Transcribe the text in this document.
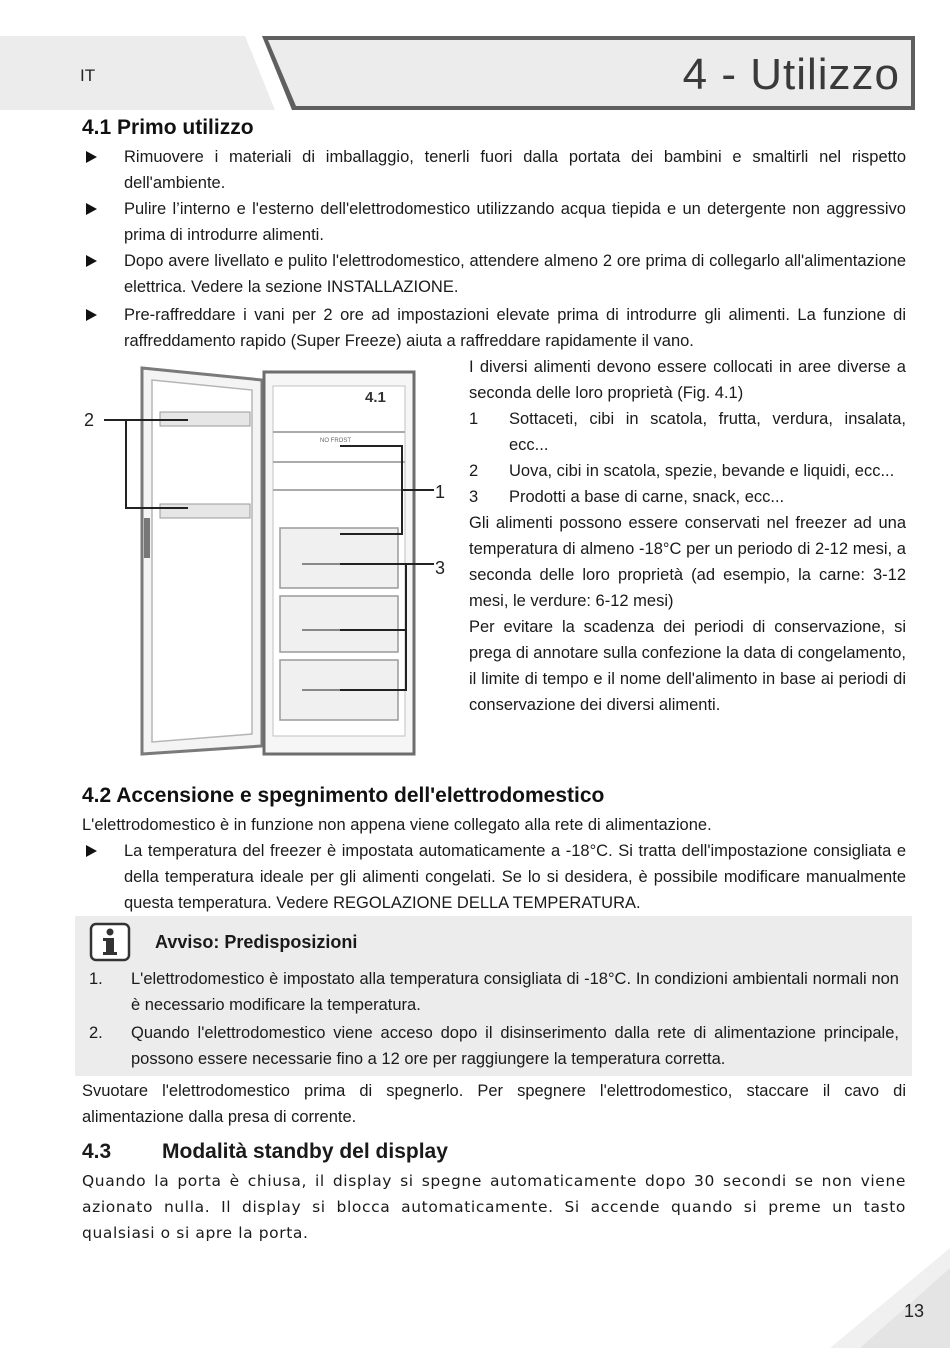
IT	4 - Utilizzo
4.1 Primo utilizzo
Rimuovere i materiali di imballaggio, tenerli fuori dalla portata dei bambini e smaltirli nel rispetto dell'ambiente.
Pulire l’interno e l'esterno dell'elettrodomestico utilizzando acqua tiepida e un detergente non aggressivo prima di introdurre alimenti.
Dopo avere livellato e pulito l'elettrodomestico, attendere almeno 2 ore prima di collegarlo all'alimentazione elettrica. Vedere la sezione INSTALLAZIONE.
Pre-raffreddare i vani per 2 ore ad impostazioni elevate prima di introdurre gli alimenti. La funzione di raffreddamento rapido (Super Freeze) aiuta a raffreddare rapidamente il vano.
NO FROST
4.1
2
1
3

I diversi alimenti devono essere collocati in aree diverse a seconda delle loro proprietà (Fig. 4.1)

1 Sottaceti, cibi in scatola, frutta, verdura, insalata, ecc...

2 Uova, cibi in scatola, spezie, bevande e liquidi, ecc...

3 Prodotti a base di carne, snack, ecc...

Gli alimenti possono essere conservati nel freezer ad una temperatura di almeno -18°C per un periodo di 2-12 mesi, a seconda delle loro proprietà (ad esempio, la carne: 3-12 mesi, le verdure: 6-12 mesi)

Per evitare la scadenza dei periodi di conservazione, si prega di annotare sulla confezione la data di congelamento, il limite di tempo e il nome dell'alimento in base ai periodi di conservazione dei diversi alimenti.

4.2 Accensione e spegnimento dell'elettrodomestico
L'elettrodomestico è in funzione non appena viene collegato alla rete di alimentazione.
La temperatura del freezer è impostata automaticamente a -18°C. Si tratta dell'impostazione consigliata e della temperatura ideale per gli alimenti congelati. Se lo si desidera, è possibile modificare manualmente questa temperatura. Vedere REGOLAZIONE DELLA TEMPERATURA.
Avviso: Predisposizioni
1. L'elettrodomestico è impostato alla temperatura consigliata di -18°C. In condizioni ambientali normali non è necessario modificare la temperatura.
2. Quando l'elettrodomestico viene acceso dopo il disinserimento dalla rete di alimentazione principale, possono essere necessarie fino a 12 ore per raggiungere la temperatura corretta.
Svuotare l'elettrodomestico prima di spegnerlo. Per spegnere l'elettrodomestico, staccare il cavo di alimentazione dalla presa di corrente.
4.3 Modalità standby del display
Quando la porta è chiusa, il display si spegne automaticamente dopo 30 secondi se non viene azionato nulla. Il display si blocca automaticamente. Si accende quando si preme un tasto qualsiasi o si apre la porta.
13
